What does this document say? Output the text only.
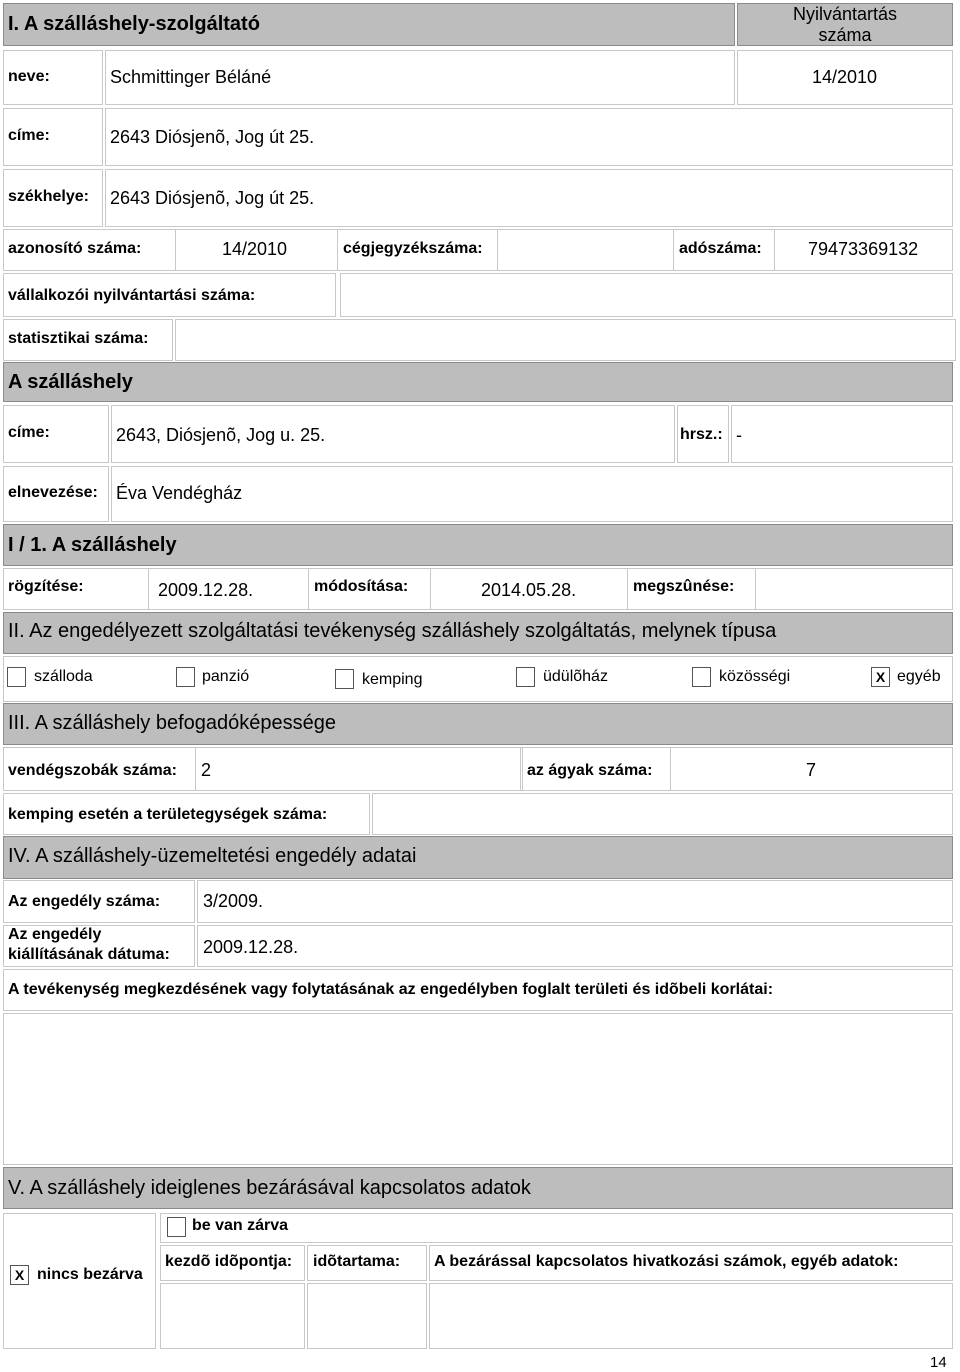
I. A szálláshely-szolgáltató	Nyilvántartás száma
neve:	Schmittinger Béláné	14/2010
címe:	2643 Diósjenõ, Jog út 25.
székhelye: 2643 Diósjenõ, Jog út 25.
azonosító száma:	14/2010	cégjegyzékszáma:	adószáma:	79473369132
vállalkozói nyilvántartási száma:
statisztikai száma:
A szálláshely
címe:	2643, Diósjenõ, Jog u. 25.	hrsz.: -
elnevezése: Éva Vendégház
I / 1. A szálláshely
rögzítése:	2009.12.28.	módosítása:	2014.05.28.	megszûnése:
II. Az engedélyezett szolgáltatási tevékenység szálláshely szolgáltatás, melynek típusa
szálloda	panzió	kemping	üdülõház	közösségi	X egyéb
III. A szálláshely befogadóképessége
vendégszobák száma: 2	az ágyak száma:	7
kemping esetén a területegységek száma:
IV. A szálláshely-üzemeltetési engedély adatai
Az engedély száma: 3/2009.
Az engedély
kiállításának dátuma: 2009.12.28.
A tevékenység megkezdésének vagy folytatásának az engedélyben foglalt területi és idõbeli korlátai:
V. A szálláshely ideiglenes bezárásával kapcsolatos adatok
be van zárva
X nincs bezárva
kezdõ idõpontja: idõtartama: A bezárással kapcsolatos hivatkozási számok, egyéb adatok:
14
